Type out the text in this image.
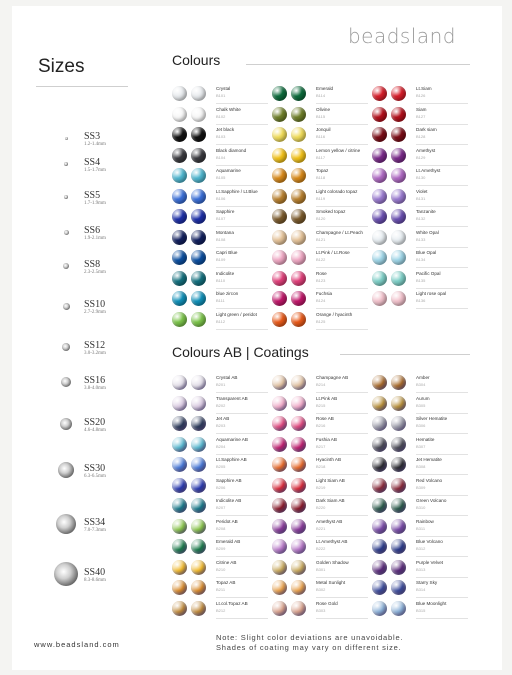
beadsland
Sizes
SS3
1.2-1.4mm
SS4
1.5-1.7mm
SS5
1.7-1.9mm
SS6
1.9-2.1mm
SS8
2.3-2.5mm
SS10
2.7-2.9mm
SS12
3.0-3.2mm
SS16
3.8-4.0mm
SS20
4.6-4.8mm
SS30
6.3-6.5mm
SS34
7.0-7.3mm
SS40
8.3-8.6mm
Colours
Crystal
B101
Chalk White
B102
Jet black
B103
Black diamond
B104
Aquamarine
B105
Lt.Sapphire / Lt.Blue
B106
Sapphire
B107
Montana
B108
Capri Blue
B109
Indicolite
B110
blue zircon
B111
Light green / peridot
B112
Emerald
B114
Olivine
B115
Jonquil
B116
Lemon yellow / citrine
B117
Topaz
B118
Light colorado topaz
B119
Smoked topaz
B120
Champagne / Lt.Peach
B121
Lt.Pink / Lt.Rose
B122
Rose
B123
Fuchsia
B124
Orange / hyacinth
B125
Lt.Siam
B126
Siam
B127
Dark siam
B128
Amethyst
B129
Lt.Amethyst
B130
Violet
B131
Tanzanite
B132
White Opal
B133
Blue Opal
B134
Pacific Opal
B135
Light rose opal
B136
Colours AB | Coatings
Crystal AB
B201
Transparent AB
B202
Jet AB
B203
Aquamarine AB
B204
Lt.Sapphire AB
B205
Sapphire AB
B206
Indicolite AB
B207
Peridot AB
B208
Emerald AB
B209
Citrine AB
B210
Topaz AB
B211
Lt.col.Topaz AB
B212
Champagne AB
B214
Lt.Pink AB
B215
Rose AB
B216
Fushia AB
B217
Hyacinth AB
B218
Light Siam AB
B219
Dark Siam AB
B220
Amethyst AB
B221
Lt.Amethyst AB
B222
Golden Shadow
B301
Metal Sunlight
B302
Rose Gold
B303
Amber
B304
Aurum
B305
Silver Hematite
B306
Hematite
B307
Jet Hematite
B308
Red Volcano
B309
Green Volcano
B310
Rainbow
B311
Blue Volcano
B312
Purple Velvet
B313
Starry Sky
B314
Blue Moonlight
B315
www.beadsland.com
Note: Slight color deviations are unavoidable.
Shades of coating may vary on different size.
